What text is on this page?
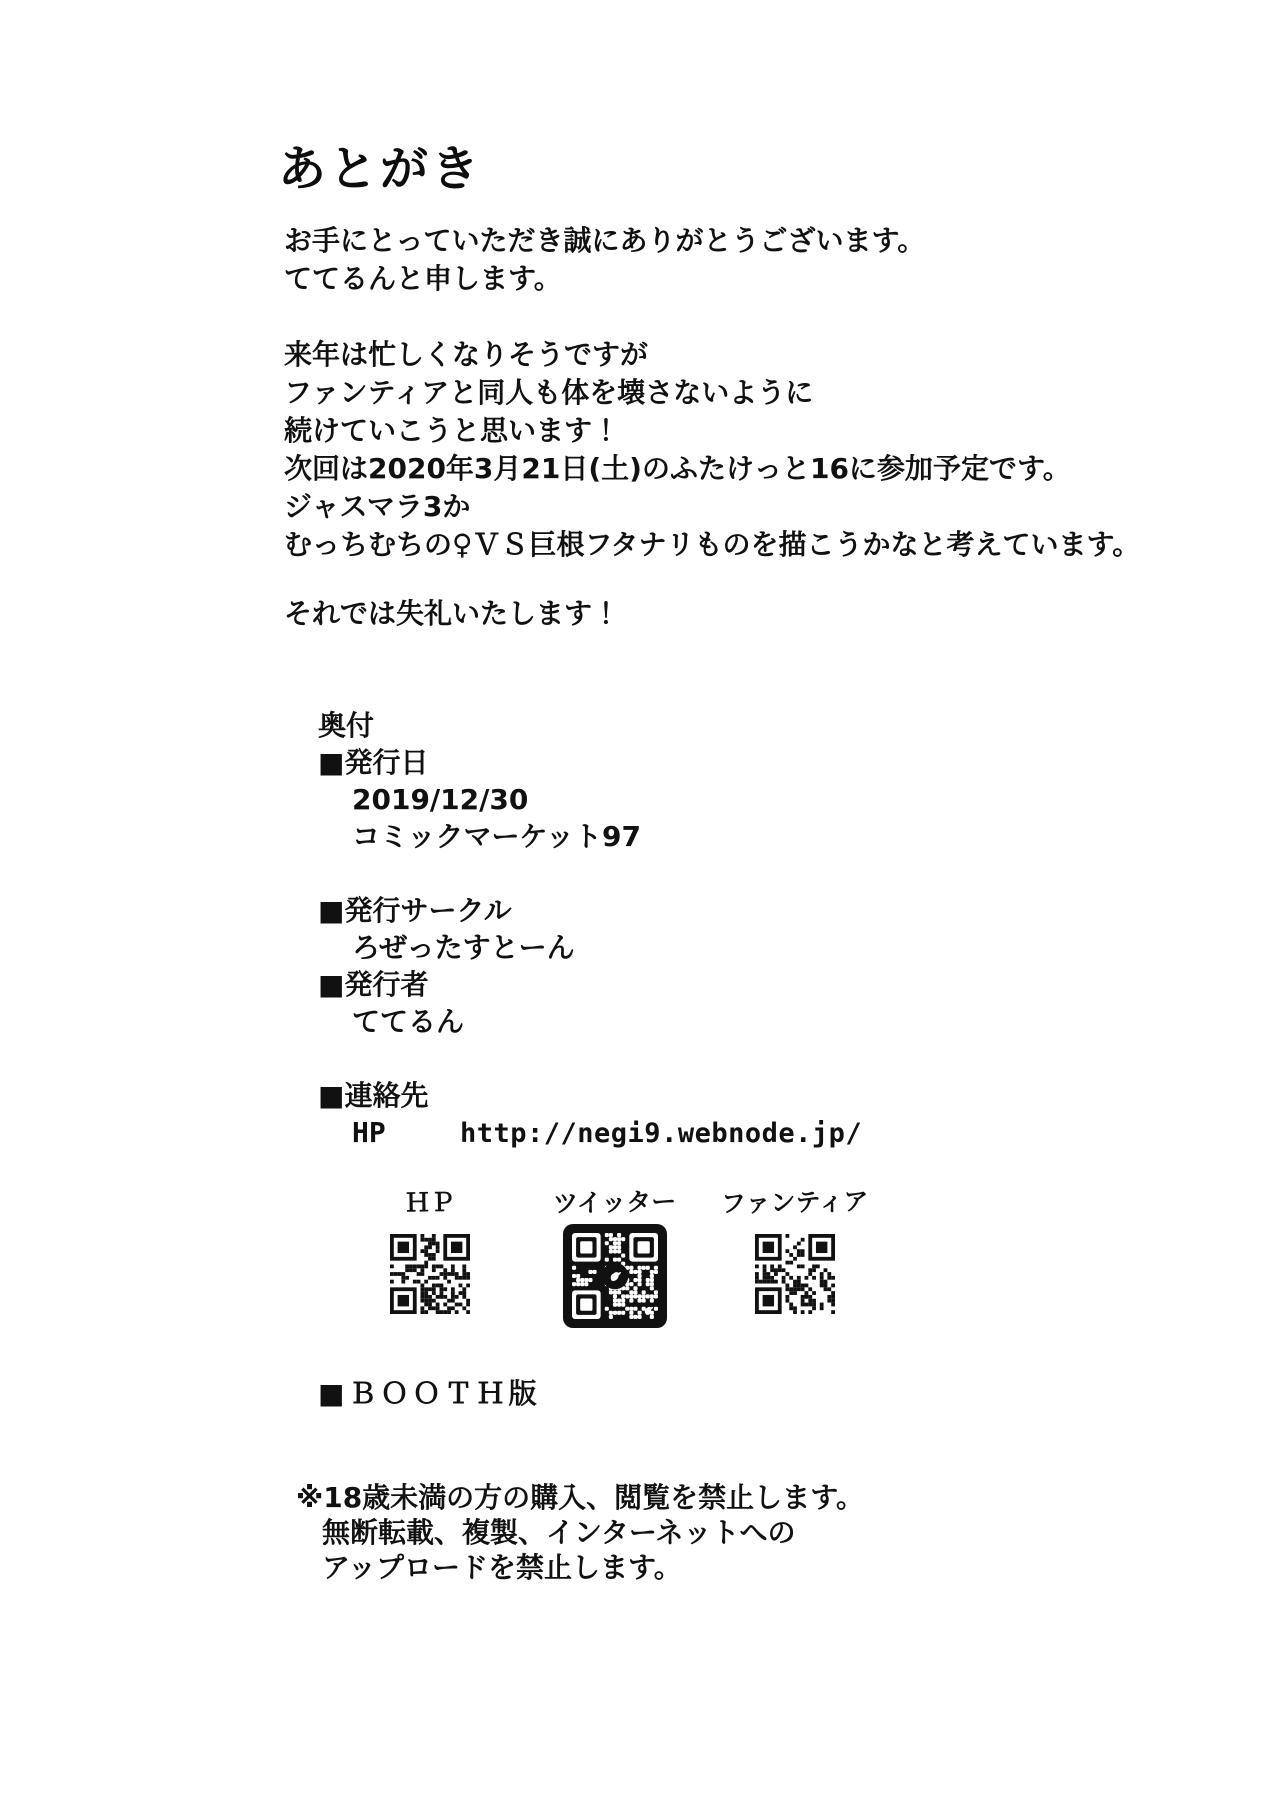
あとがき
お手にとっていただき誠にありがとうございます。
ててるんと申します。
来年は忙しくなりそうですが
ファンティアと同人も体を壊さないように
続けていこうと思います！
次回は2020年3月21日(土)のふたけっと16に参加予定です。
ジャスマラ3か
むっちむちの♀ＶＳ巨根フタナリものを描こうかなと考えています。
それでは失礼いたします！
奥付
■発行日
2019/12/30
コミックマーケット97
■発行サークル
ろぜったすとーん
■発行者
ててるん
■連絡先
HP	http://negi9.webnode.jp/
ＨＰ	ツイッター ファンティア
■ＢＯＯＴＨ版
※18歳未満の方の購入、閲覧を禁止します。
無断転載、複製、インターネットへの
アップロードを禁止します。
